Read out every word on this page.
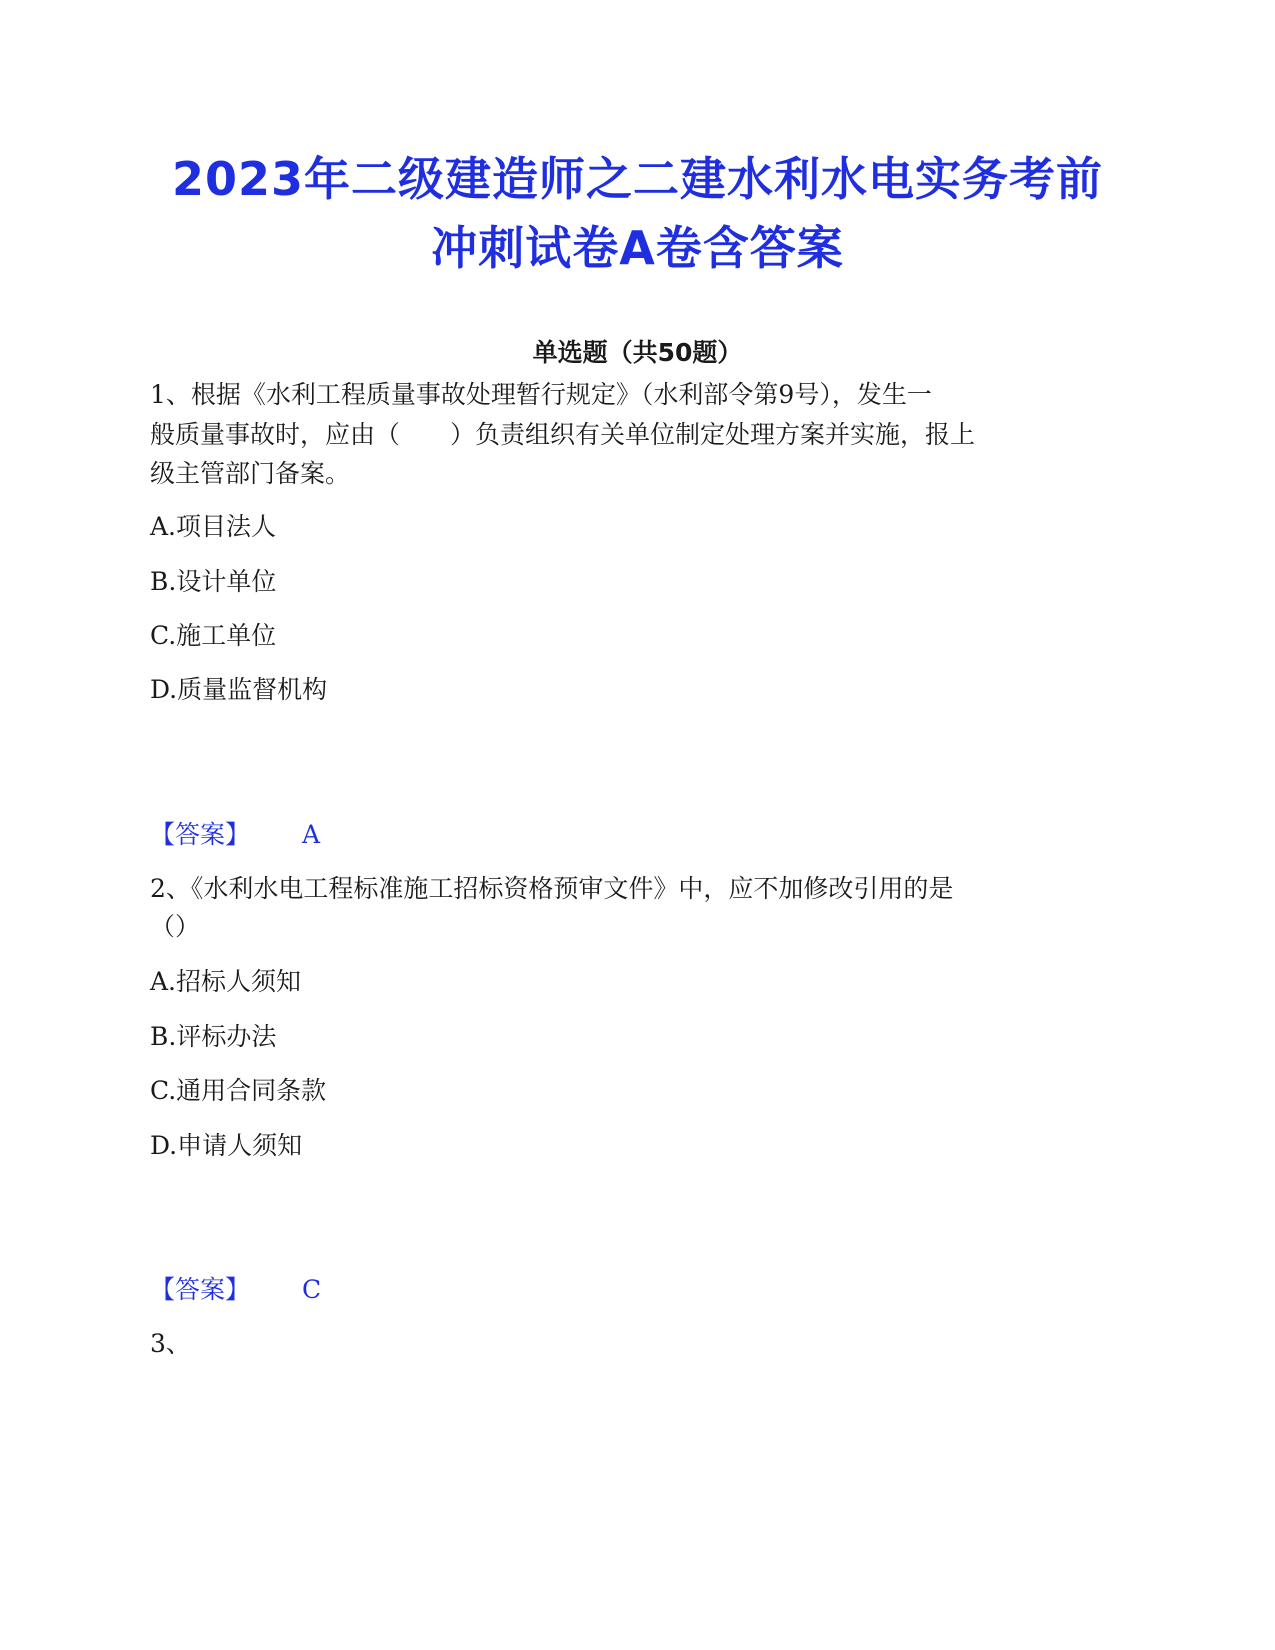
2023年二级建造师之二建水利水电实务考前
冲刺试卷A卷含答案
单选题（共50题）
1、根据《水利工程质量事故处理暂行规定》（水利部令第9号），发生一
般质量事故时，应由（　　）负责组织有关单位制定处理方案并实施，报上
级主管部门备案。
A.项目法人
B.设计单位
C.施工单位
D.质量监督机构
【答案】 A
2、《水利水电工程标准施工招标资格预审文件》中，应不加修改引用的是
（）
A.招标人须知
B.评标办法
C.通用合同条款
D.申请人须知
【答案】 C
3、
